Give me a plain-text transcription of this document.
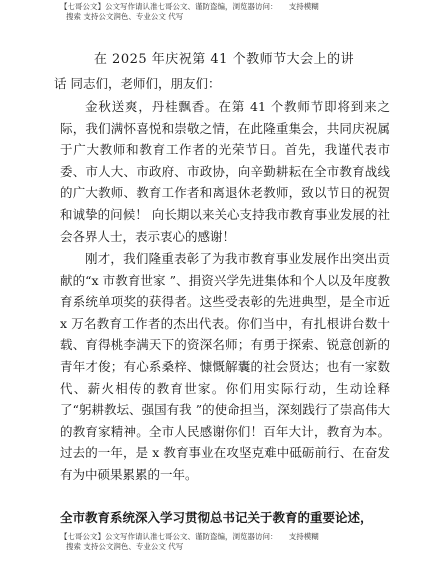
【七哥公文】公文写作请认准七哥公文、谨防盗编，浏览器访问：　　支持模糊
搜索 支持公文润色、专业公文 代写
在 2025 年庆祝第 41 个教师节大会上的讲
话 同志们，老师们，朋友们：

金秋送爽，丹桂飘香。在第 41 个教师节即将到来之际，我们满怀喜悦和崇敬之情，在此隆重集会，共同庆祝属于广大教师和教育工作者的光荣节日。首先，我谨代表市委、市人大、市政府、市政协，向辛勤耕耘在全市教育战线的广大教师、教育工作者和离退休老教师，致以节日的祝贺和诚挚的问候！ 向长期以来关心支持我市教育事业发展的社会各界人士，表示衷心的感谢！

刚才，我们隆重表彰了为我市教育事业发展作出突出贡献的“x 市教育世家 ”、捐资兴学先进集体和个人以及年度教育系统单项奖的获得者。这些受表彰的先进典型，是全市近 x 万名教育工作者的杰出代表。你们当中，有扎根讲台数十载、育得桃李满天下的资深名师；有勇于探索、锐意创新的青年才俊；有心系桑梓、慷慨解囊的社会贤达；也有一家数代、薪火相传的教育世家。你们用实际行动，生动诠释了“躬耕教坛、强国有我 ”的使命担当，深刻践行了崇高伟大的教育家精神。全市人民感谢你们！百年大计，教育为本。过去的一年，是 x 教育事业在攻坚克难中砥砺前行、在奋发有为中硕果累累的一年。

全市教育系统深入学习贯彻总书记关于教育的重要论述，
【七哥公文】公文写作请认准七哥公文、谨防盗编，浏览器访问：　　支持模糊
搜索 支持公文润色、专业公文 代写
